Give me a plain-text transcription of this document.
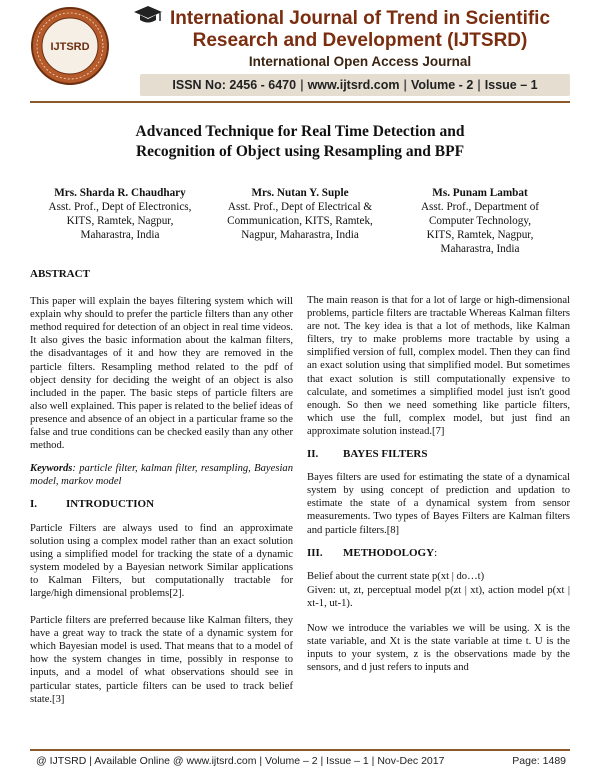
IJTSRD
International Journal of Trend in Scientific
Research and Development (IJTSRD)
International Open Access Journal
ISSN No: 2456 - 6470 | www.ijtsrd.com | Volume - 2 | Issue – 1
Advanced Technique for Real Time Detection and
Recognition of Object using Resampling and BPF
Mrs. Sharda R. Chaudhary
Asst. Prof., Dept of Electronics,
KITS, Ramtek, Nagpur,
Maharastra, India
Mrs. Nutan Y. Suple
Asst. Prof., Dept of Electrical &
Communication, KITS, Ramtek,
Nagpur, Maharastra, India
Ms. Punam Lambat
Asst. Prof., Department of
Computer Technology,
KITS, Ramtek, Nagpur,
Maharastra, India
ABSTRACT

This paper will explain the bayes filtering system which will explain why should to prefer the particle filters than any other method required for detection of an object in real time videos. It also gives the basic information about the kalman filters, the disadvantages of it and how they are removed in the particle filters. Resampling method related to the pdf of object density for deciding the weight of an object is also included in the paper. The basic steps of particle filters are also well explained. This paper is related to the belief ideas of presence and absence of an object in a particular frame so the false and true conditions can be checked easily than any other method.

Keywords: particle filter, kalman filter, resampling, Bayesian model, markov model

I.	INTRODUCTION

Particle Filters are always used to find an approximate solution using a complex model rather than an exact solution using a simplified model for tracking the state of a dynamic system modeled by a Bayesian network Similar applications to Kalman Filters, but computationally tractable for large/high dimensional problems[2].

Particle filters are preferred because like Kalman filters, they have a great way to track the state of a dynamic system for which Bayesian model is used. That means that to a model of how the system changes in time, possibly in response to inputs, and a model of what observations should see in particular states, particle filters can be used to track belief state.[3]

The main reason is that for a lot of large or high-dimensional problems, particle filters are tractable Whereas Kalman filters are not. The key idea is that a lot of methods, like Kalman filters, try to make problems more tractable by using a simplified version of full, complex model. Then they can find an exact solution using that simplified model. But sometimes that exact solution is still computationally expensive to calculate, and sometimes a simplified model just isn't good enough. So then we need something like particle filters, which use the full, complex model, but just find an approximate solution instead.[7]

II. BAYES FILTERS

Bayes filters are used for estimating the state of a dynamical system by using concept of prediction and updation to estimate the state of a dynamical system from sensor measurements. Two types of Bayes Filters are Kalman filters and particle filters.[8]

III. METHODOLOGY:

Belief about the current state p(xt | do…t)

Given: ut, zt, perceptual model p(zt | xt), action model p(xt | xt-1, ut-1).

Now we introduce the variables we will be using. X is the state variable, and Xt is the state variable at time t. U is the inputs to your system, z is the observations made by the sensors, and d just refers to inputs and

@ IJTSRD | Available Online @ www.ijtsrd.com | Volume – 2 | Issue – 1 | Nov-Dec 2017	Page: 1489
